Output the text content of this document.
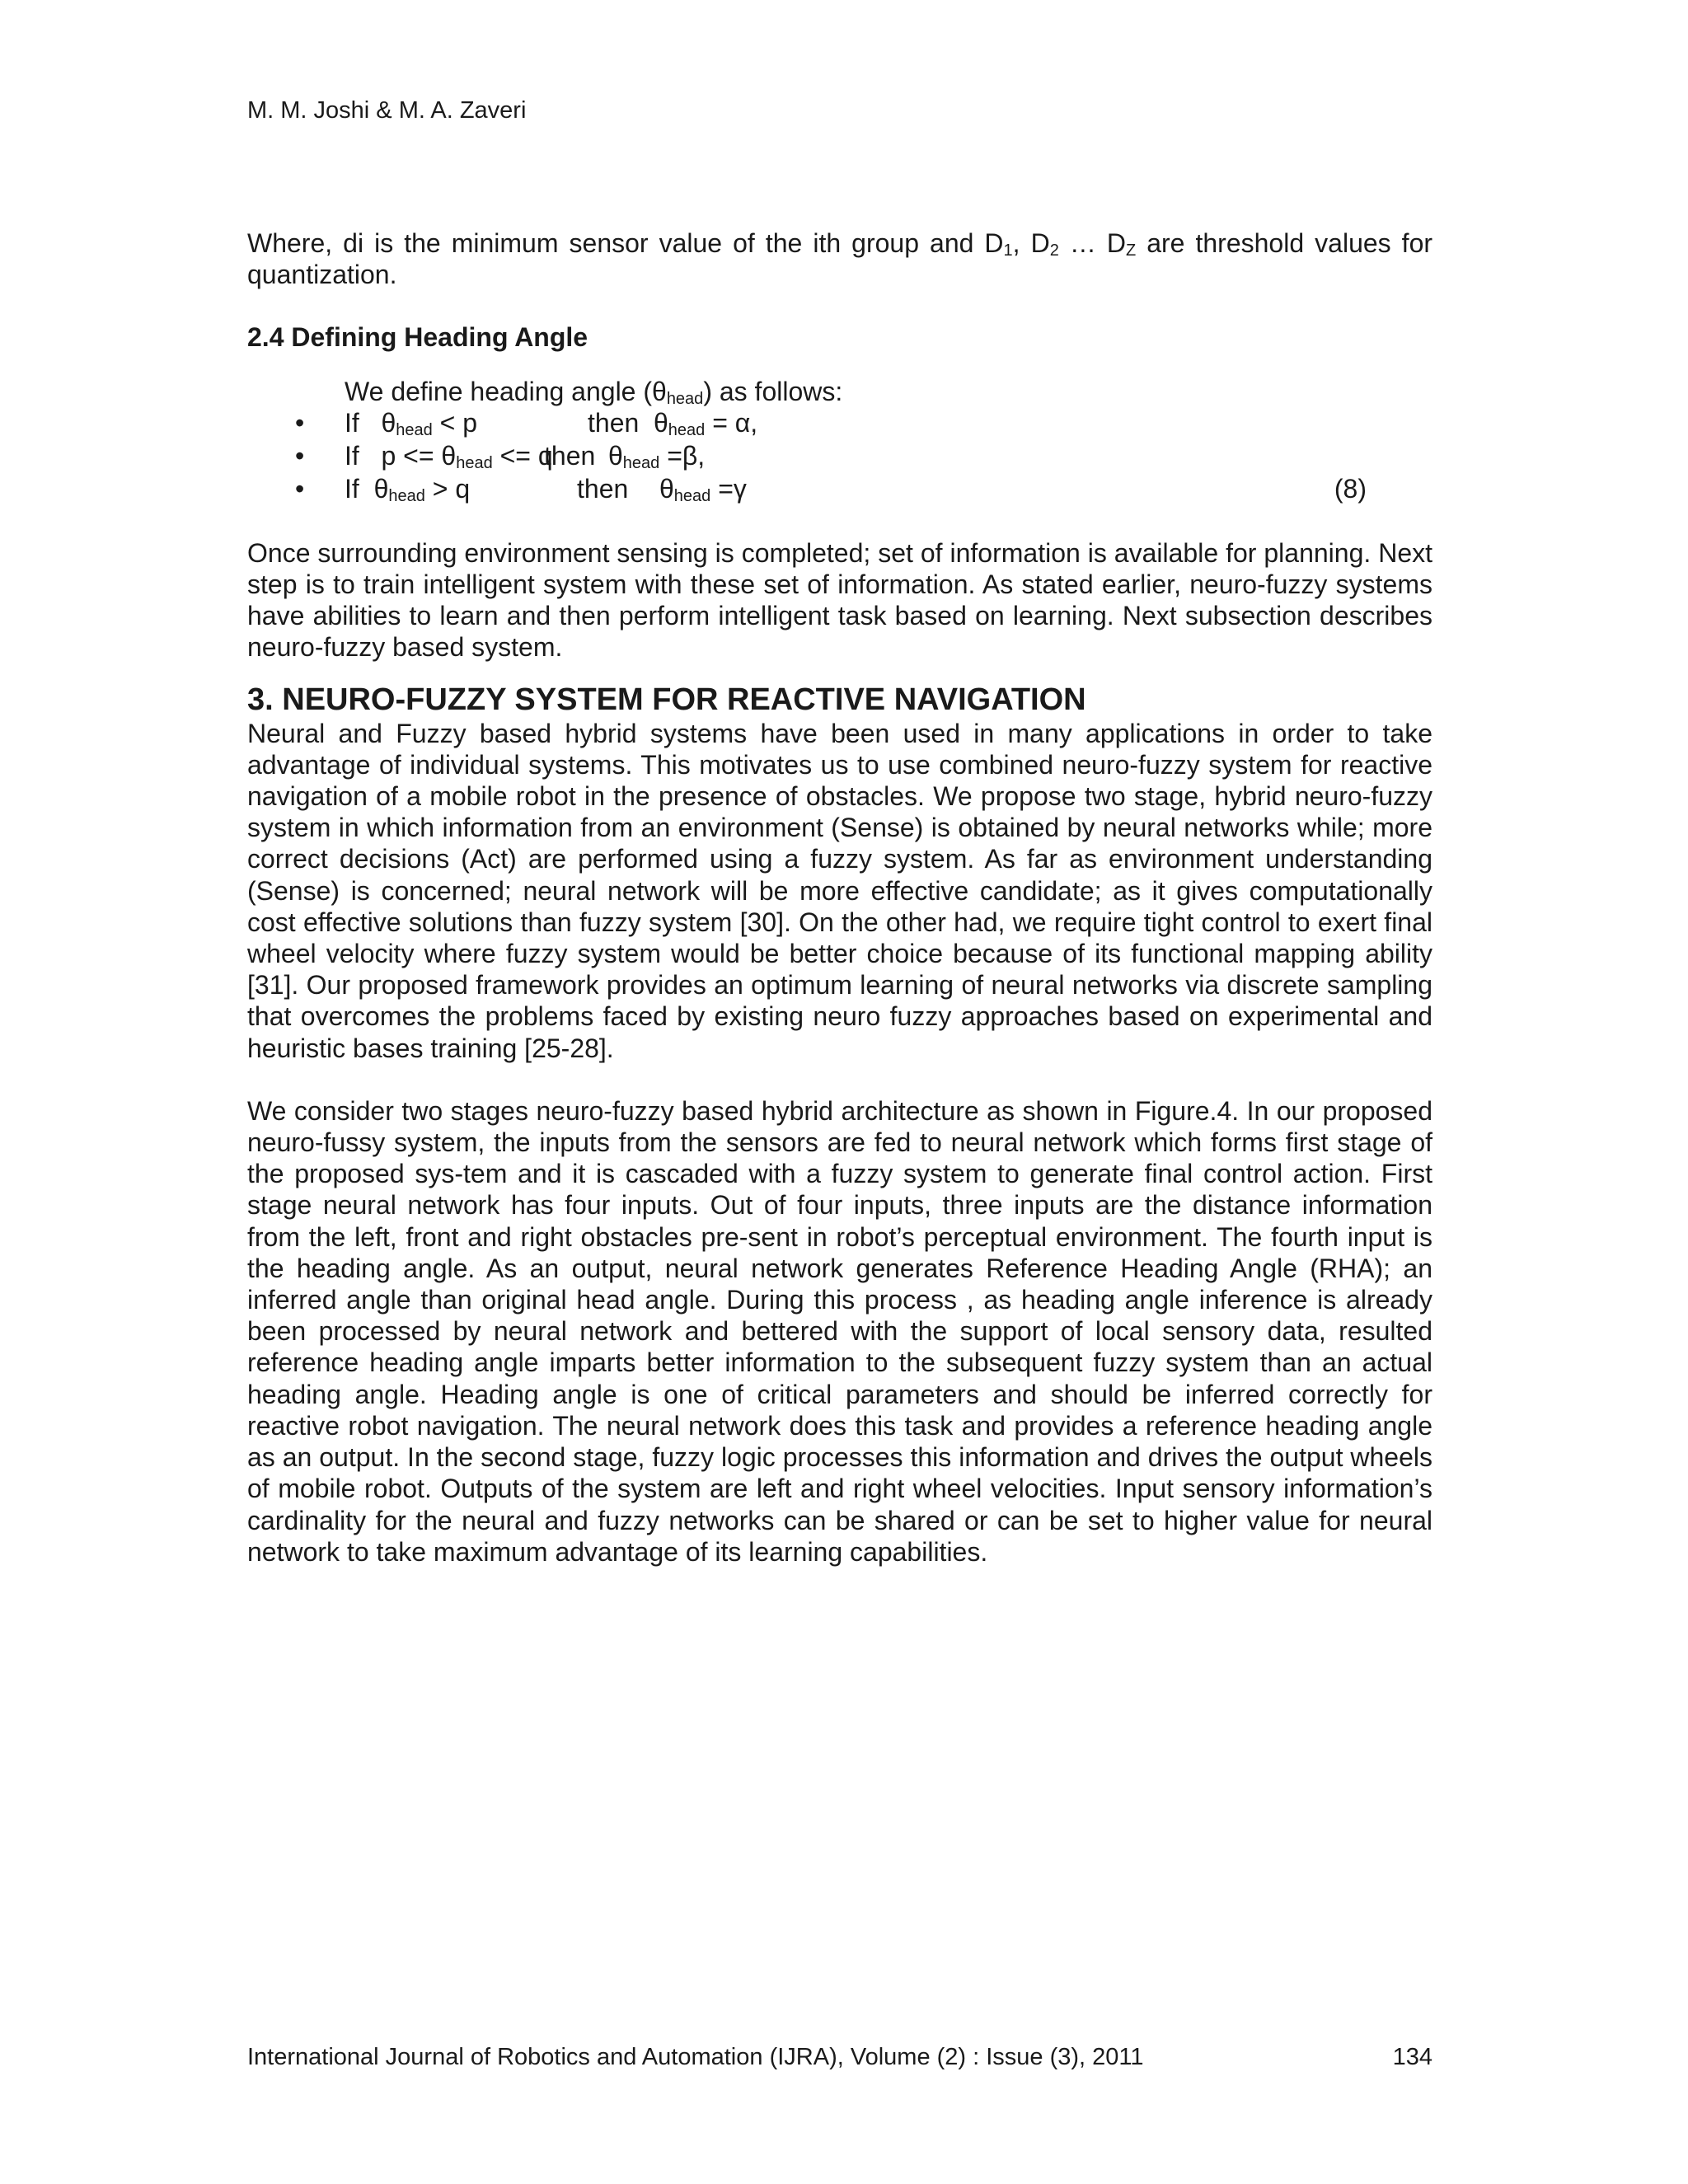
M. M. Joshi & M. A. Zaveri

Where, di is the minimum sensor value of the ith group and $D_1$, $D_2$ … $D_Z$ are threshold values for quantization.

2.4 Defining Heading Angle

We define heading angle $(\theta_{head})$ as follows:

• If $\theta_{head} < p$	then $\theta_{head} = \alpha$,
• If $p <= \theta_{head} <= q$
then $\theta_{head} =\beta$,
• If $\theta_{head} > q$	then $\theta_{head} =\gamma$	(8)

Once surrounding environment sensing is completed; set of information is available for planning. Next step is to train intelligent system with these set of information. As stated earlier, neuro-fuzzy systems have abilities to learn and then perform intelligent task based on learning. Next subsection describes neuro-fuzzy based system.

3. NEURO-FUZZY SYSTEM FOR REACTIVE NAVIGATION

Neural and Fuzzy based hybrid systems have been used in many applications in order to take advantage of individual systems. This motivates us to use combined neuro-fuzzy system for reactive navigation of a mobile robot in the presence of obstacles. We propose two stage, hybrid neuro-fuzzy system in which information from an environment (Sense) is obtained by neural networks while; more correct decisions (Act) are performed using a fuzzy system. As far as environment understanding (Sense) is concerned; neural network will be more effective candidate; as it gives computationally cost effective solutions than fuzzy system [30]. On the other had, we require tight control to exert final wheel velocity where fuzzy system would be better choice because of its functional mapping ability [31]. Our proposed framework provides an optimum learning of neural networks via discrete sampling that overcomes the problems faced by existing neuro fuzzy approaches based on experimental and heuristic bases training [25-28].

We consider two stages neuro-fuzzy based hybrid architecture as shown in Figure.4. In our proposed neuro-fussy system, the inputs from the sensors are fed to neural network which forms first stage of the proposed sys-tem and it is cascaded with a fuzzy system to generate final control action. First stage neural network has four inputs. Out of four inputs, three inputs are the distance information from the left, front and right obstacles pre-sent in robot’s perceptual environment. The fourth input is the heading angle. As an output, neural network generates Reference Heading Angle (RHA); an inferred angle than original head angle. During this process , as heading angle inference is already been processed by neural network and bettered with the support of local sensory data, resulted reference heading angle imparts better information to the subsequent fuzzy system than an actual heading angle. Heading angle is one of critical parameters and should be inferred correctly for reactive robot navigation. The neural network does this task and provides a reference heading angle as an output. In the second stage, fuzzy logic processes this information and drives the output wheels of mobile robot. Outputs of the system are left and right wheel velocities. Input sensory information’s cardinality for the neural and fuzzy networks can be shared or can be set to higher value for neural network to take maximum advantage of its learning capabilities.

International Journal of Robotics and Automation (IJRA), Volume (2) : Issue (3), 2011	134
